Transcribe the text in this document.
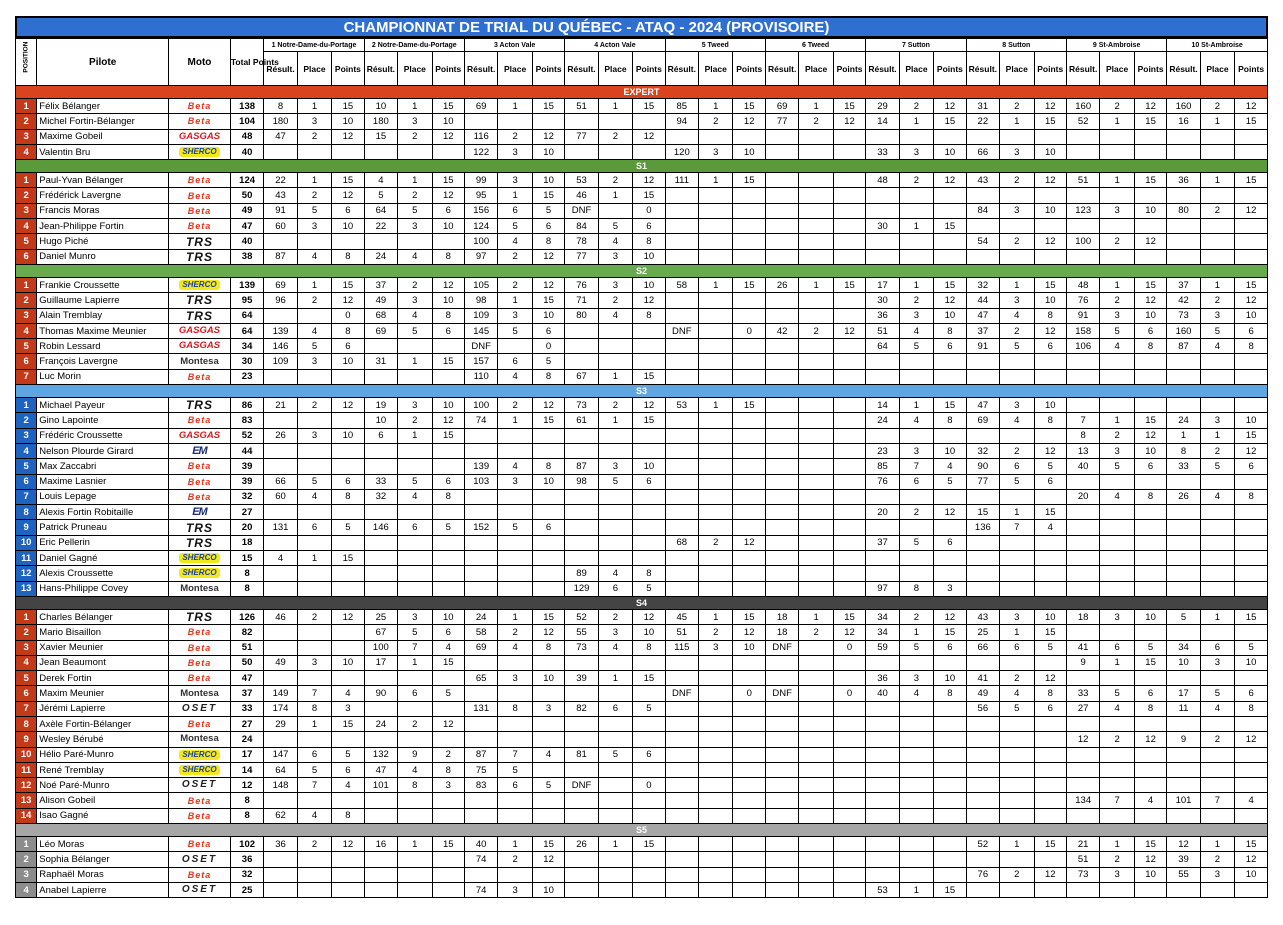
CHAMPIONNAT DE TRIAL DU QUÉBEC - ATAQ - 2024 (PROVISOIRE)
POSITION	Pilote	Moto	Total Points	1 Notre-Dame-du-Portage			2 Notre-Dame-du-Portage			3 Acton Vale			4 Acton Vale			5 Tweed			6 Tweed			7 Sutton			8 Sutton			9 St-Ambroise			10 St-Ambroise		
				Résult.	Place	Points	Résult.	Place	Points	Résult.	Place	Points	Résult.	Place	Points	Résult.	Place	Points	Résult.	Place	Points	Résult.	Place	Points	Résult.	Place	Points	Résult.	Place	Points	Résult.	Place	Points
EXPERT																																	
1	Félix Bélanger	Beta	138	8	1	15	10	1	15	69	1	15	51	1	15	85	1	15	69	1	15	29	2	12	31	2	12	160	2	12	160	2	12
2	Michel Fortin-Bélanger	Beta	104	180	3	10	180	3	10							94	2	12	77	2	12	14	1	15	22	1	15	52	1	15	16	1	15
3	Maxime Gobeil	GASGAS	48	47	2	12	15	2	12	116	2	12	77	2	12																		
4	Valentin Bru	SHERCO	40							122	3	10				120	3	10				33	3	10	66	3	10						
S1																																	
1	Paul-Yvan Bélanger	Beta	124	22	1	15	4	1	15	99	3	10	53	2	12	111	1	15				48	2	12	43	2	12	51	1	15	36	1	15
2	Frédérick Lavergne	Beta	50	43	2	12	5	2	12	95	1	15	46	1	15																		
3	Francis Moras	Beta	49	91	5	6	64	5	6	156	6	5	DNF		0										84	3	10	123	3	10	80	2	12
4	Jean-Philippe Fortin	Beta	47	60	3	10	22	3	10	124	5	6	84	5	6							30	1	15									
5	Hugo Piché	TRS	40							100	4	8	78	4	8										54	2	12	100	2	12			
6	Daniel Munro	TRS	38	87	4	8	24	4	8	97	2	12	77	3	10																		
S2																																	
1	Frankie Croussette	SHERCO	139	69	1	15	37	2	12	105	2	12	76	3	10	58	1	15	26	1	15	17	1	15	32	1	15	48	1	15	37	1	15
2	Guillaume Lapierre	TRS	95	96	2	12	49	3	10	98	1	15	71	2	12							30	2	12	44	3	10	76	2	12	42	2	12
3	Alain Tremblay	TRS	64			0	68	4	8	109	3	10	80	4	8							36	3	10	47	4	8	91	3	10	73	3	10
4	Thomas Maxime Meunier	GASGAS	64	139	4	8	69	5	6	145	5	6				DNF		0	42	2	12	51	4	8	37	2	12	158	5	6	160	5	6
5	Robin Lessard	GASGAS	34	146	5	6				DNF		0										64	5	6	91	5	6	106	4	8	87	4	8
6	François Lavergne	Montesa	30	109	3	10	31	1	15	157	6	5																					
7	Luc Morin	Beta	23							110	4	8	67	1	15																		
S3																																	
1	Michael Payeur	TRS	86	21	2	12	19	3	10	100	2	12	73	2	12	53	1	15				14	1	15	47	3	10						
2	Gino Lapointe	Beta	83				10	2	12	74	1	15	61	1	15							24	4	8	69	4	8	7	1	15	24	3	10
3	Frédéric Croussette	GASGAS	52	26	3	10	6	1	15																			8	2	12	1	1	15
4	Nelson Plourde Girard	EM	44																			23	3	10	32	2	12	13	3	10	8	2	12
5	Max Zaccabri	Beta	39							139	4	8	87	3	10							85	7	4	90	6	5	40	5	6	33	5	6
6	Maxime Lasnier	Beta	39	66	5	6	33	5	6	103	3	10	98	5	6							76	6	5	77	5	6						
7	Louis Lepage	Beta	32	60	4	8	32	4	8																			20	4	8	26	4	8
8	Alexis Fortin Robitaille	EM	27																			20	2	12	15	1	15						
9	Patrick Pruneau	TRS	20	131	6	5	146	6	5	152	5	6													136	7	4						
10	Eric Pellerin	TRS	18													68	2	12				37	5	6									
11	Daniel Gagné	SHERCO	15	4	1	15																											
12	Alexis Croussette	SHERCO	8										89	4	8																		
13	Hans-Philippe Covey	Montesa	8										129	6	5							97	8	3									
S4																																	
1	Charles Bélanger	TRS	126	46	2	12	25	3	10	24	1	15	52	2	12	45	1	15	18	1	15	34	2	12	43	3	10	18	3	10	5	1	15
2	Mario Bisaillon	Beta	82				67	5	6	58	2	12	55	3	10	51	2	12	18	2	12	34	1	15	25	1	15						
3	Xavier Meunier	Beta	51				100	7	4	69	4	8	73	4	8	115	3	10	DNF		0	59	5	6	66	6	5	41	6	5	34	6	5
4	Jean Beaumont	Beta	50	49	3	10	17	1	15																			9	1	15	10	3	10
5	Derek Fortin	Beta	47							65	3	10	39	1	15							36	3	10	41	2	12						
6	Maxim Meunier	Montesa	37	149	7	4	90	6	5							DNF		0	DNF		0	40	4	8	49	4	8	33	5	6	17	5	6
7	Jérémi Lapierre	OSET	33	174	8	3				131	8	3	82	6	5										56	5	6	27	4	8	11	4	8
8	Axèle Fortin-Bélanger	Beta	27	29	1	15	24	2	12																								
9	Wesley Bérubé	Montesa	24																									12	2	12	9	2	12
10	Hélio Paré-Munro	SHERCO	17	147	6	5	132	9	2	87	7	4	81	5	6																		
11	René Tremblay	SHERCO	14	64	5	6	47	4	8	75	5																						
12	Noé Paré-Munro	OSET	12	148	7	4	101	8	3	83	6	5	DNF		0																		
13	Alison Gobeil	Beta	8																									134	7	4	101	7	4
14	Isao Gagné	Beta	8	62	4	8																											
S5																																	
1	Léo Moras	Beta	102	36	2	12	16	1	15	40	1	15	26	1	15										52	1	15	21	1	15	12	1	15
2	Sophia Bélanger	OSET	36							74	2	12																51	2	12	39	2	12
3	Raphaël Moras	Beta	32																						76	2	12	73	3	10	55	3	10
4	Anabel Lapierre	OSET	25							74	3	10										53	1	15									
